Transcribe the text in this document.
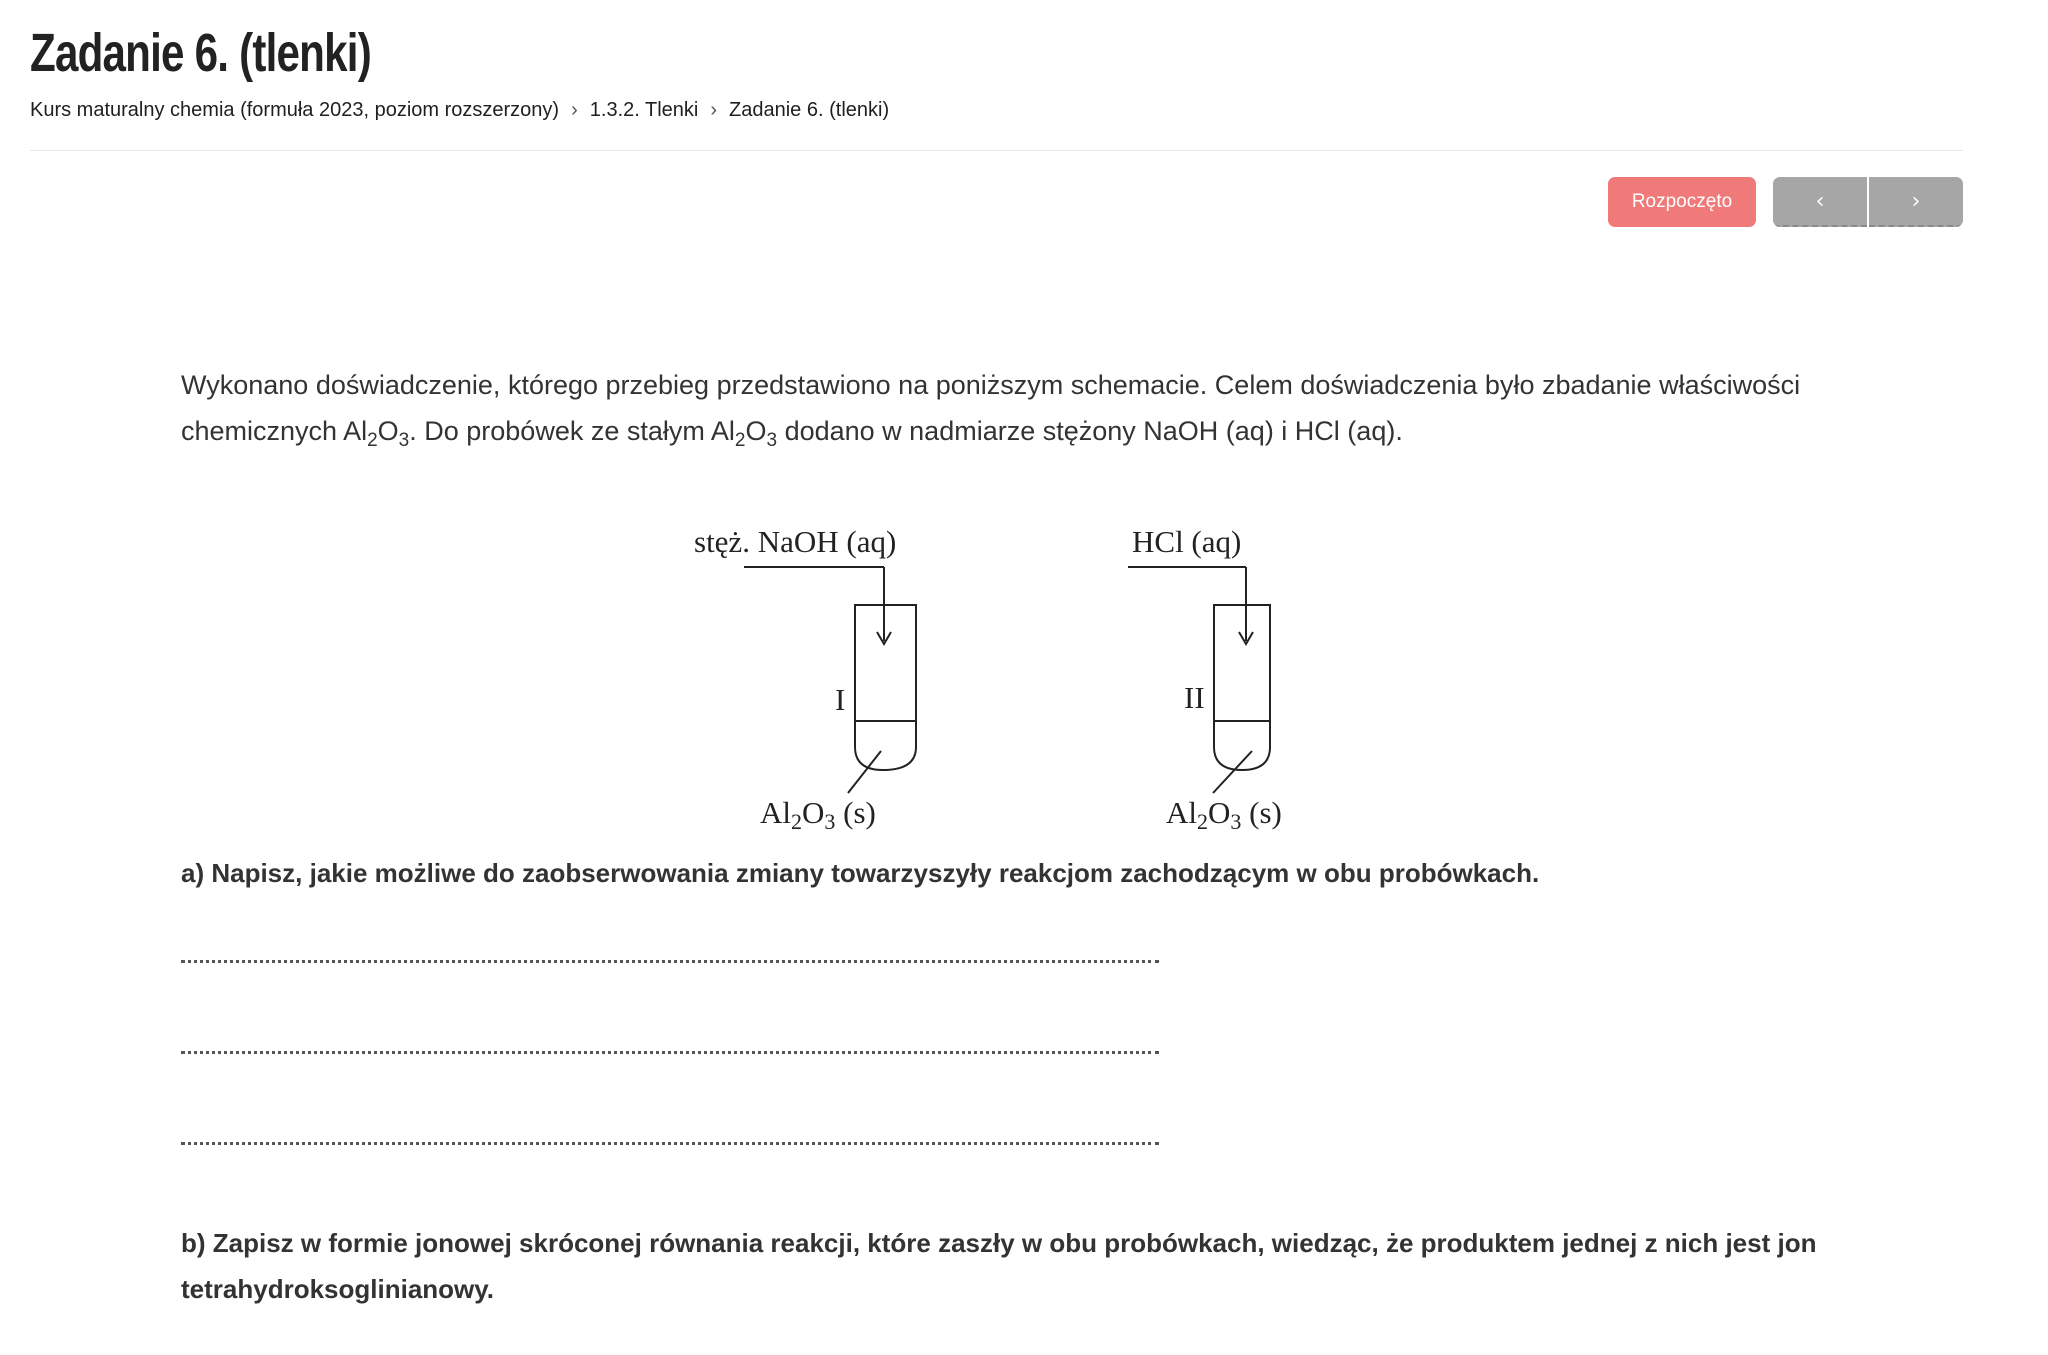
Zadanie 6. (tlenki)
Kurs maturalny chemia (formuła 2023, poziom rozszerzony) › 1.3.2. Tlenki › Zadanie 6. (tlenki)
Rozpoczęto	‹	›

Wykonano doświadczenie, którego przebieg przedstawiono na poniższym schemacie. Celem doświadczenia było zbadanie właściwości chemicznych $Al_2O_3$. Do probówek ze stałym $Al_2O_3$ dodano w nadmiarze stężony NaOH (aq) i HCl (aq).

stęż. NaOH (aq)	HCl (aq)
I	II
Al2O3 (s)	Al2O3 (s)

a) Napisz, jakie możliwe do zaobserwowania zmiany towarzyszyły reakcjom zachodzącym w obu probówkach.

b) Zapisz w formie jonowej skróconej równania reakcji, które zaszły w obu probówkach, wiedząc, że produktem jednej z nich jest jon tetrahydroksoglinianowy.
